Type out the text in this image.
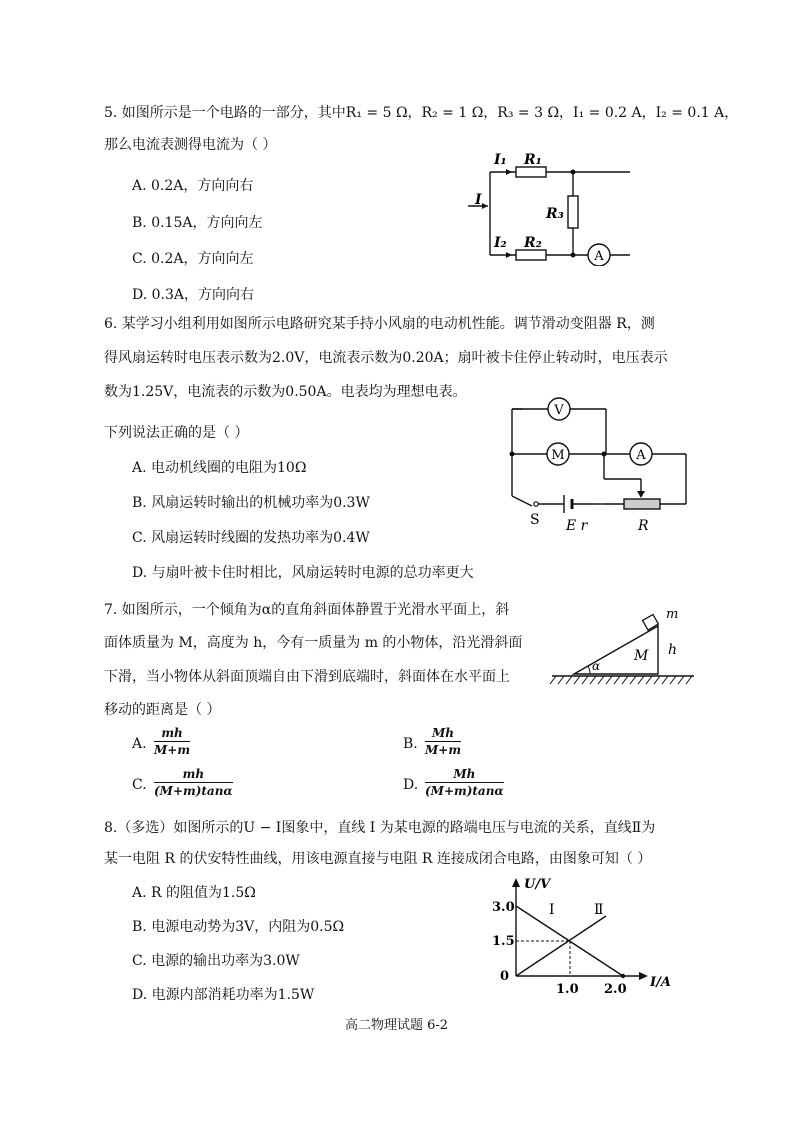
5. 如图所示是一个电路的一部分，其中R₁ = 5 Ω，R₂ = 1 Ω，R₃ = 3 Ω，I₁ = 0.2 A，I₂ = 0.1 A，
那么电流表测得电流为（ ）
A. 0.2A，方向向右
B. 0.15A，方向向左
C. 0.2A，方向向左
D. 0.3A，方向向右
A
I₁ R₁
I
R₃
I₂ R₂
6. 某学习小组利用如图所示电路研究某手持小风扇的电动机性能。调节滑动变阻器 R，测
得风扇运转时电压表示数为2.0V，电流表示数为0.20A；扇叶被卡住停止转动时，电压表示
数为1.25V，电流表的示数为0.50A。电表均为理想电表。
下列说法正确的是（ ）
A. 电动机线圈的电阻为10Ω
B. 风扇运转时输出的机械功率为0.3W
C. 风扇运转时线圈的发热功率为0.4W
D. 与扇叶被卡住时相比，风扇运转时电源的总功率更大
V
M	A
S E r	R
7. 如图所示，一个倾角为α的直角斜面体静置于光滑水平面上，斜
面体质量为 M，高度为 h，今有一质量为 m 的小物体，沿光滑斜面
下滑，当小物体从斜面顶端自由下滑到底端时，斜面体在水平面上
移动的距离是（ ）
A. $\frac{mh}{M+m}$	B. $\frac{Mh}{M+m}$
C. $\frac{mh}{(M+m)\tan\alpha}$	D. $\frac{Mh}{(M+m)\tan\alpha}$
α
M h
m
8.（多选）如图所示的U − I图象中，直线 I 为某电源的路端电压与电流的关系，直线Ⅱ为
某一电阻 R 的伏安特性曲线，用该电源直接与电阻 R 连接成闭合电路，由图象可知（ ）
A. R 的阻值为1.5Ω
B. 电源电动势为3V，内阻为0.5Ω
C. 电源的输出功率为3.0W
D. 电源内部消耗功率为1.5W
U/V
I/A
3.0
1.5
0
1.0 2.0
I	Ⅱ
高二物理试题 6-2
